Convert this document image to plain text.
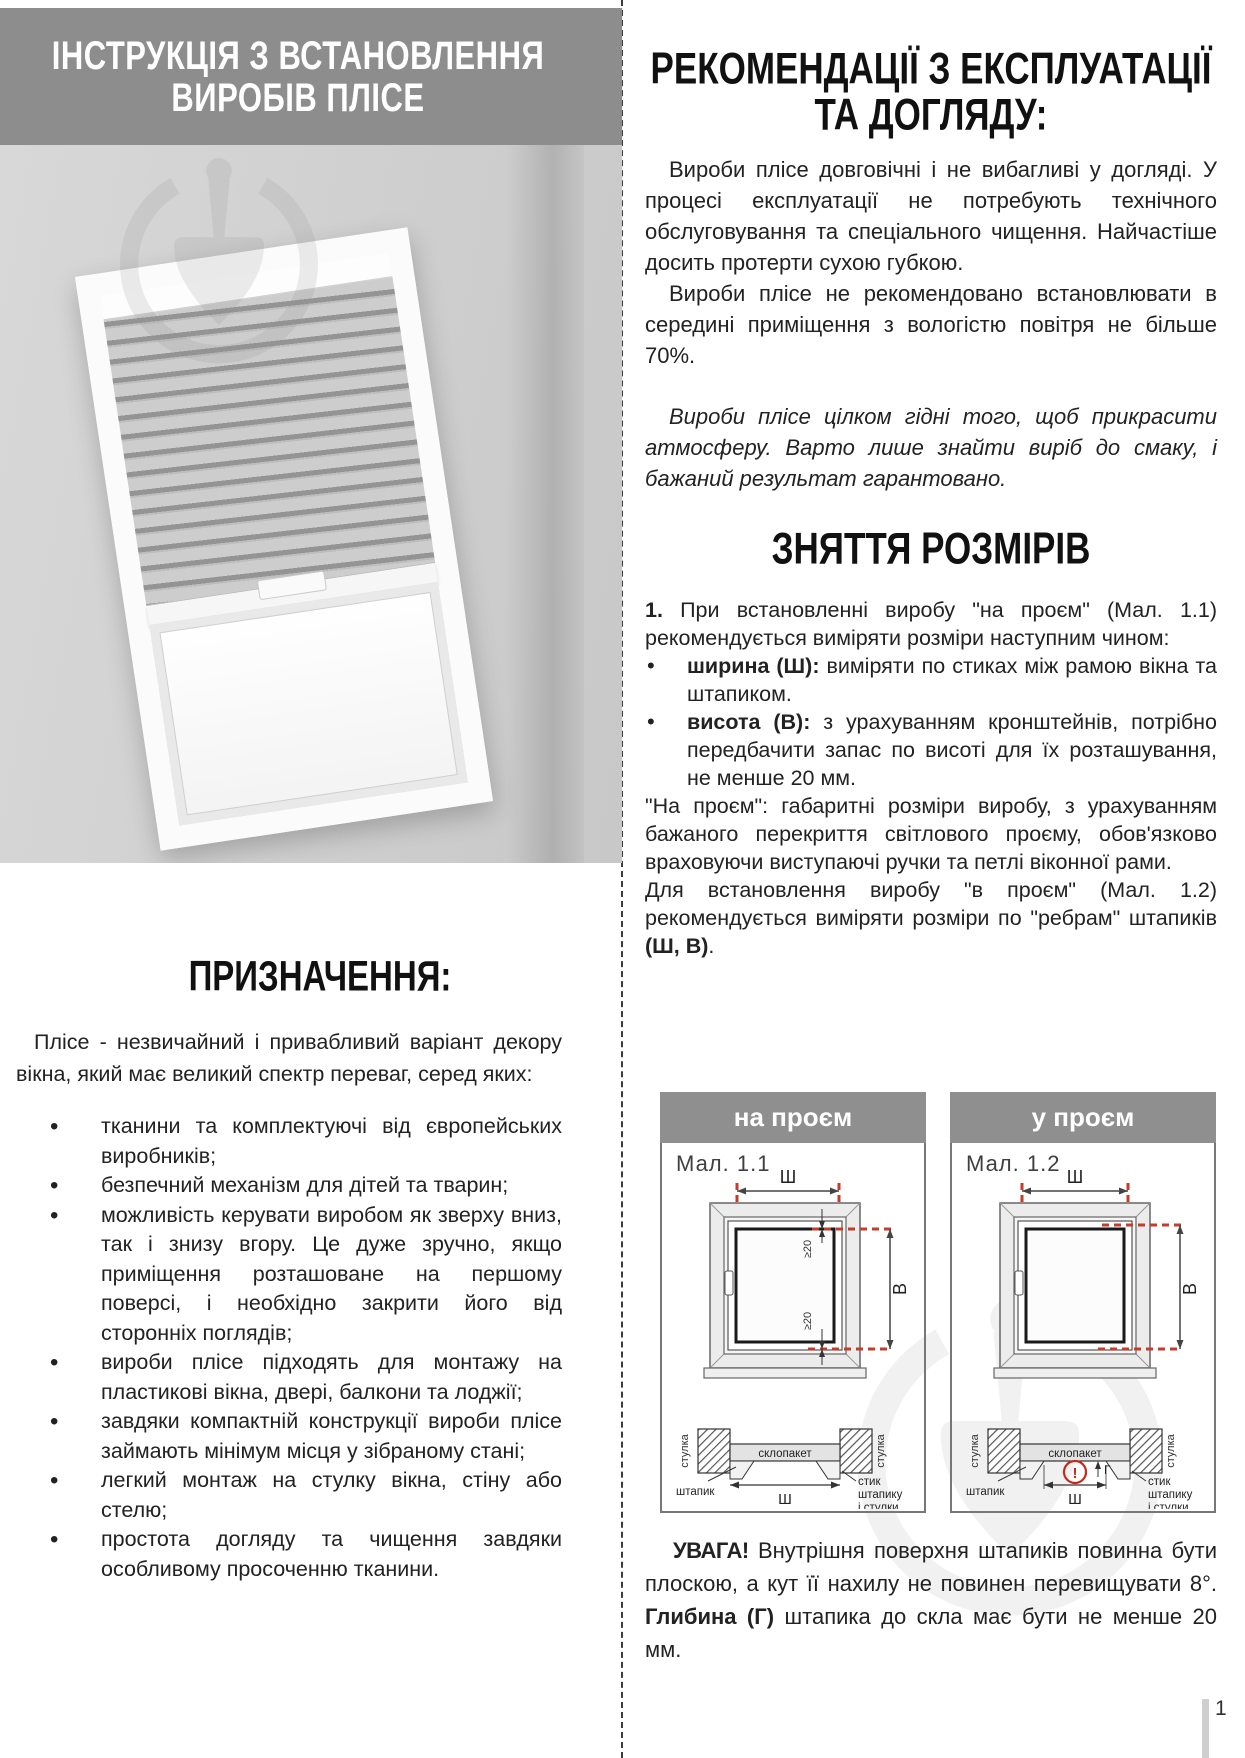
ІНСТРУКЦІЯ З ВСТАНОВЛЕННЯ
ВИРОБІВ ПЛІСЕ
ПРИЗНАЧЕННЯ:

Плісе - незвичайний і привабливий варіант декору вікна, який має великий спектр переваг, серед яких:

• тканини та комплектуючі від європейських виробників;
• безпечний механізм для дітей та тварин;
• можливість керувати виробом як зверху вниз, так і знизу вгору. Це дуже зручно, якщо приміщення розташоване на першому поверсі, і необхідно закрити його від сторонніх поглядів;
• вироби плісе підходять для монтажу на пластикові вікна, двері, балкони та лоджії;
• завдяки компактній конструкції вироби плісе займають мінімум місця у зібраному стані;
• легкий монтаж на стулку вікна, стіну або стелю;
• простота догляду та чищення завдяки особливому просоченню тканини.
РЕКОМЕНДАЦІЇ З ЕКСПЛУАТАЦІЇ
ТА ДОГЛЯДУ:

Вироби плісе довговічні і не вибагливі у догляді. У процесі експлуатації не потребують технічного обслуговування та спеціального чищення. Найчастіше досить протерти сухою губкою.

Вироби плісе не рекомендовано встановлювати в середині приміщення з вологістю повітря не більше 70%.

Вироби плісе цілком гідні того, щоб прикрасити атмосферу. Варто лише знайти виріб до смаку, і бажаний результат гарантовано.

ЗНЯТТЯ РОЗМІРІВ

1. При встановленні виробу "на проєм" (Мал. 1.1) рекомендується виміряти розміри наступним чином:

• ширина (Ш): виміряти по стиках між рамою вікна та штапиком.
• висота (В): з урахуванням кронштейнів, потрібно передбачити запас по висоті для їх розташування, не менше 20 мм.

"На проєм": габаритні розміри виробу, з урахуванням бажаного перекриття світлового проєму, обов'язково враховуючи виступаючі ручки та петлі віконної рами.

Для встановлення виробу "в проєм" (Мал. 1.2) рекомендується виміряти розміри по "ребрам" штапиків (Ш, В).

на проєм
Мал. 1.1
Ш
В
≥20
≥20
стулка	стулка
склопакет
Ш
штапик
стик
штапику
і стулки
у проєм
Мал. 1.2
Ш
В
стулка	стулка
склопакет
! Г
Ш
штапик
стик
штапику
і стулки

УВАГА! Внутрішня поверхня штапиків повинна бути плоскою, а кут її нахилу не повинен перевищувати 8°. Глибина (Г) штапика до скла має бути не менше 20 мм.

1
